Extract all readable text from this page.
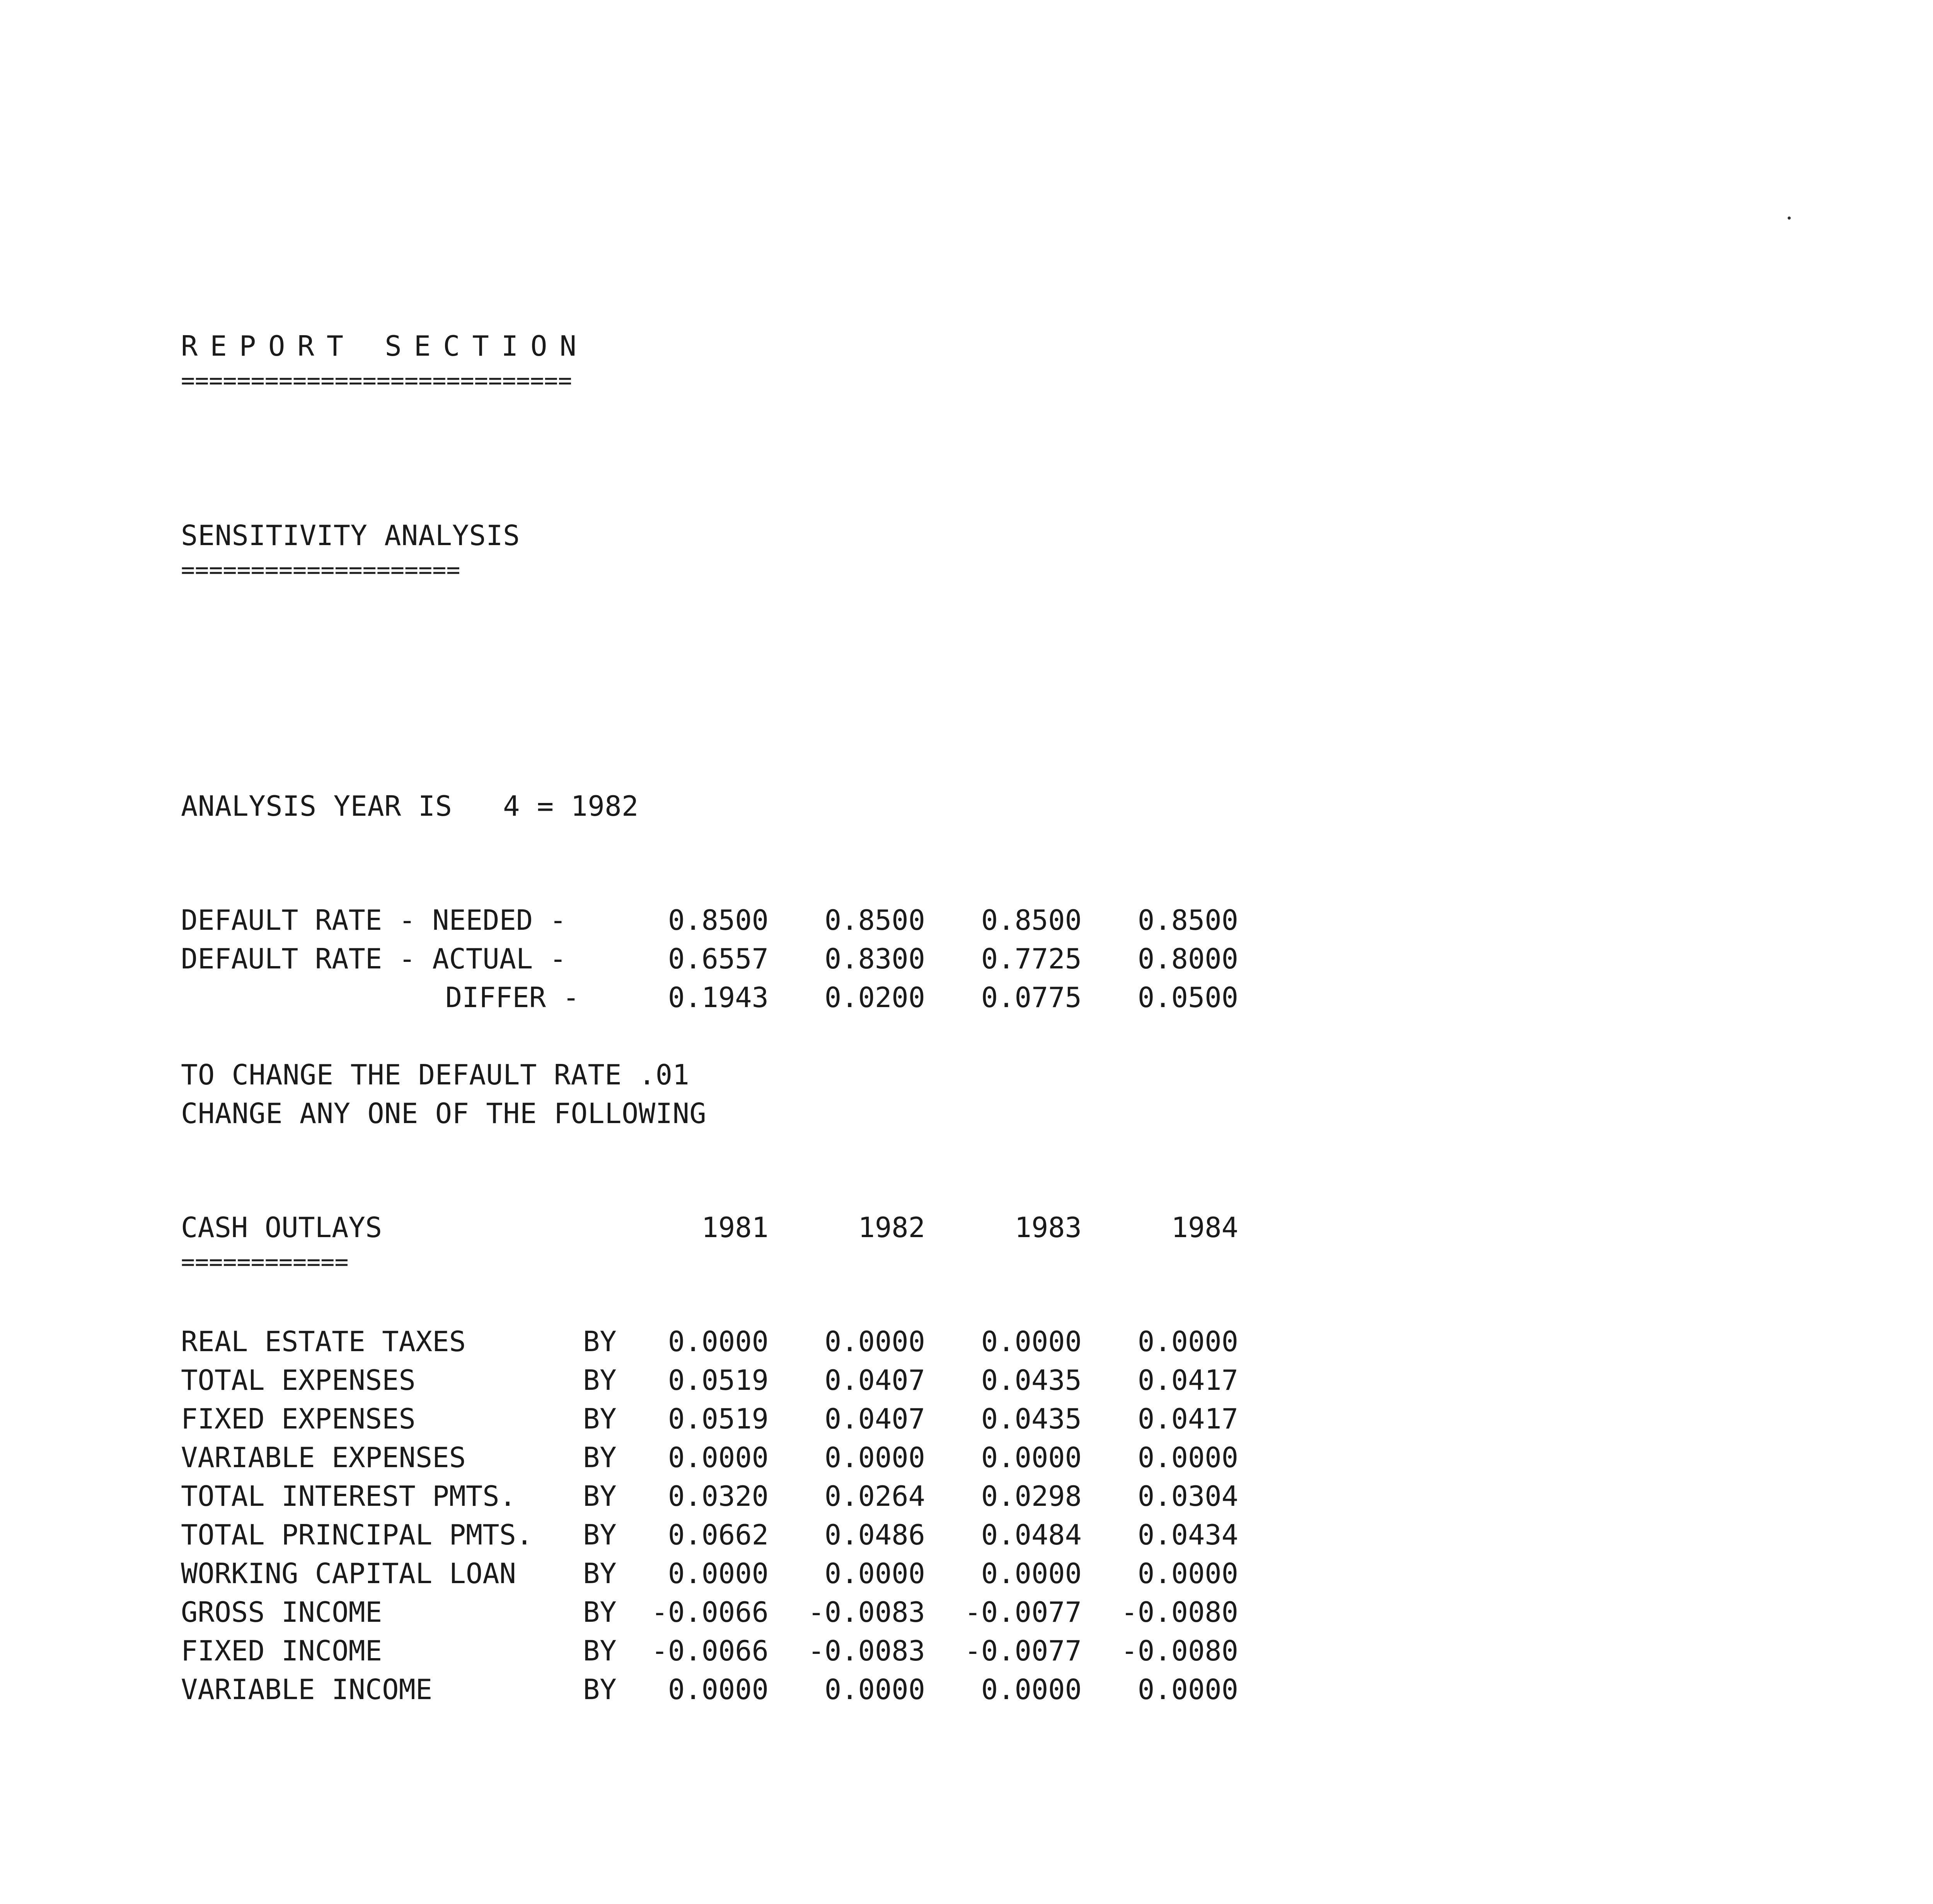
REPORT SECTION

============================

SENSITIVITY ANALYSIS

====================

ANALYSIS YEAR IS   4 = 1982

DEFAULT RATE - NEEDED -	0.8500	0.8500	0.8500	0.8500
DEFAULT RATE - ACTUAL -	0.6557	0.8300	0.7725	0.8000
DIFFER -	0.1943	0.0200	0.0775	0.0500

TO CHANGE THE DEFAULT RATE .01

CHANGE ANY ONE OF THE FOLLOWING

CASH OUTLAYS	1981	1982	1983	1984

============

REAL ESTATE TAXES	BY	0.0000	0.0000	0.0000	0.0000
TOTAL EXPENSES	BY	0.0519	0.0407	0.0435	0.0417
FIXED EXPENSES	BY	0.0519	0.0407	0.0435	0.0417
VARIABLE EXPENSES	BY	0.0000	0.0000	0.0000	0.0000
TOTAL INTEREST PMTS. BY	0.0320	0.0264	0.0298	0.0304
TOTAL PRINCIPAL PMTS. BY	0.0662	0.0486	0.0484	0.0434
WORKING CAPITAL LOAN BY	0.0000	0.0000	0.0000	0.0000
GROSS INCOME	BY	-0.0066	-0.0083	-0.0077	-0.0080
FIXED INCOME	BY	-0.0066	-0.0083	-0.0077	-0.0080
VARIABLE INCOME	BY	0.0000	0.0000	0.0000	0.0000
